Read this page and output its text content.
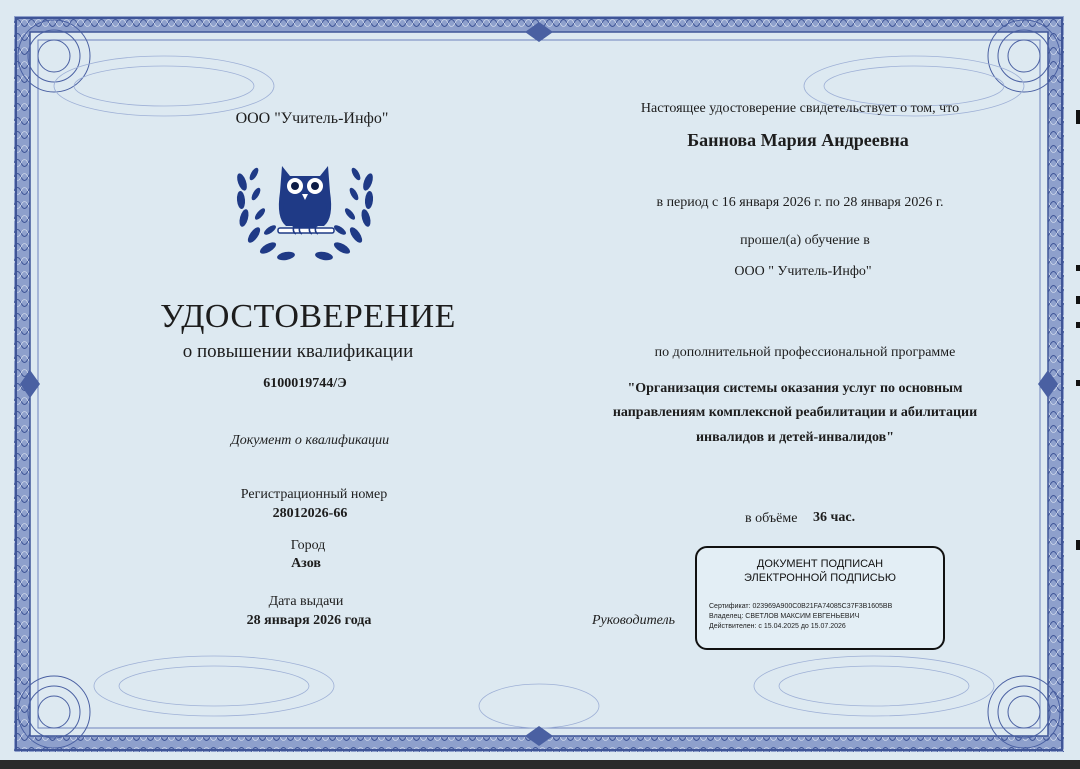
ООО "Учитель-Инфо"
УДОСТОВЕРЕНИЕ
о повышении квалификации
6100019744/Э
Документ о квалификации
Регистрационный номер
28012026-66
Город
Азов
Дата выдачи
28 января 2026 года
Настоящее удостоверение свидетельствует о том, что
Баннова Мария Андреевна
в период с 16 января 2026 г. по 28 января 2026 г.
прошел(а) обучение в
ООО " Учитель-Инфо"
по дополнительной профессиональной программе
"Организация системы оказания услуг по основным
направлениям комплексной реабилитации и абилитации
инвалидов и детей-инвалидов"
в объёме 36 час.
Руководитель
ДОКУМЕНТ ПОДПИСАН
ЭЛЕКТРОННОЙ ПОДПИСЬЮ
Сертификат: 023969A900C0B21FA74085C37F3B1605BB
Владелец: СВЕТЛОВ МАКСИМ ЕВГЕНЬЕВИЧ
Действителен: с 15.04.2025 до 15.07.2026
